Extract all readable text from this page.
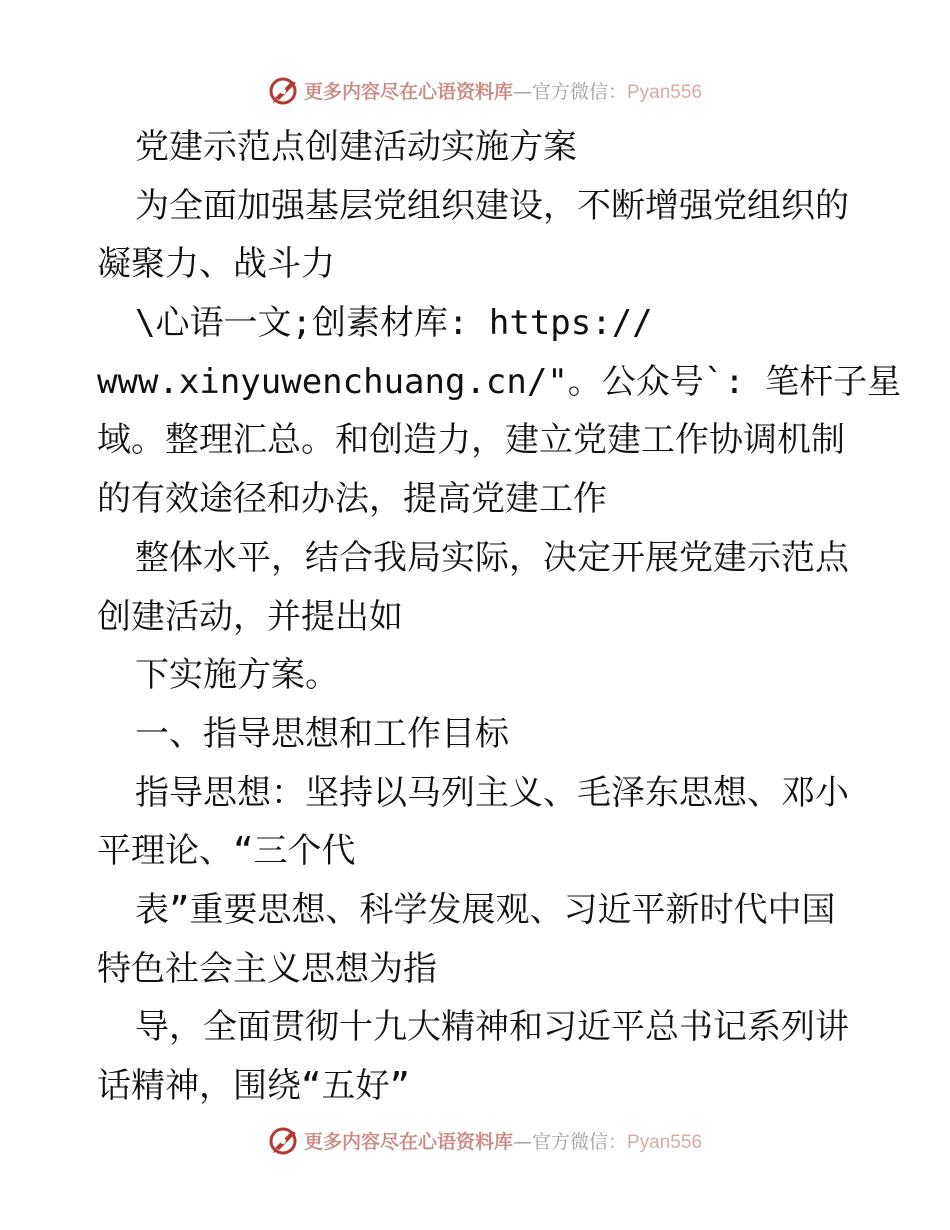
更多内容尽在心语资料库—官方微信：Pyan556
党建示范点创建活动实施方案
为全面加强基层党组织建设，不断增强党组织的
凝聚力、战斗力
\心语一文;创素材库: https://
www.xinyuwenchuang.cn/"。公众号`: 笔杆子星
域。整理汇总。和创造力，建立党建工作协调机制
的有效途径和办法，提高党建工作
整体水平，结合我局实际，决定开展党建示范点
创建活动，并提出如
下实施方案。
一、指导思想和工作目标
指导思想：坚持以马列主义、毛泽东思想、邓小
平理论、“三个代
表”重要思想、科学发展观、习近平新时代中国
特色社会主义思想为指
导，全面贯彻十九大精神和习近平总书记系列讲
话精神，围绕“五好”
更多内容尽在心语资料库—官方微信：Pyan556
